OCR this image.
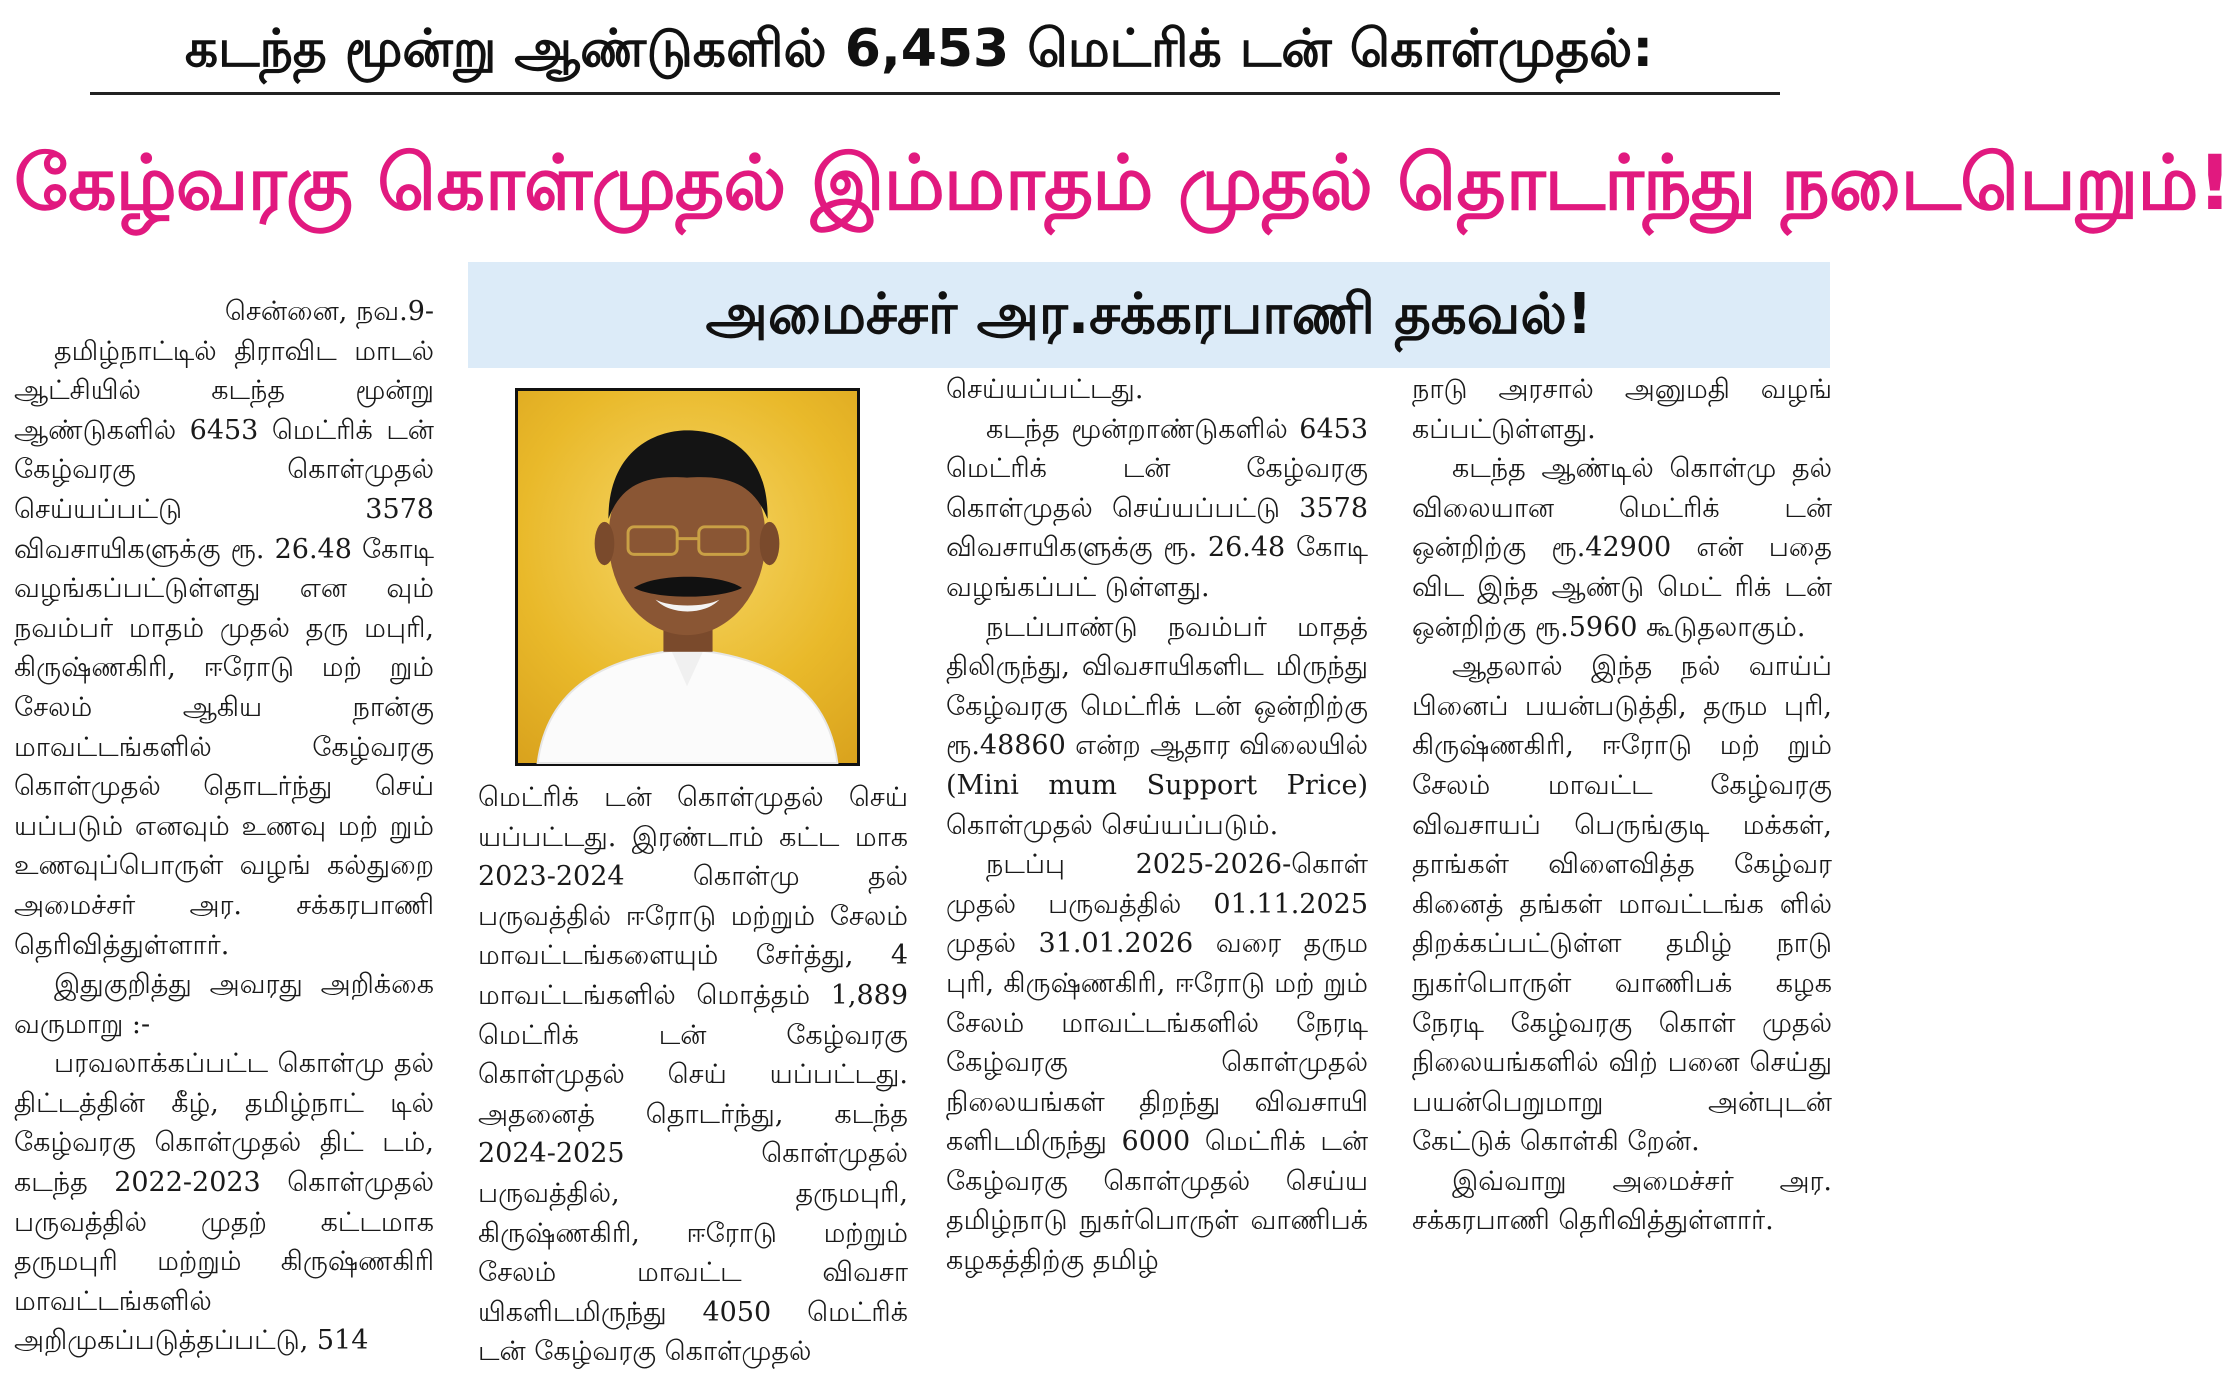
கடந்த மூன்று ஆண்டுகளில் 6,453 மெட்ரிக் டன் கொள்முதல்:
கேழ்வரகு கொள்முதல் இம்மாதம் முதல் தொடர்ந்து நடைபெறும்!
அமைச்சர் அர.சக்கரபாணி தகவல்!

சென்னை, நவ.9-

தமிழ்நாட்டில் திராவிட மாடல் ஆட்சியில் கடந்த மூன்று ஆண்டுகளில் 6453 மெட்ரிக் டன் கேழ்வரகு கொள்முதல் செய்யப்பட்டு 3578 விவசாயிகளுக்கு ரூ. 26.48 கோடி வழங்கப்பட்டுள்ளது என வும் நவம்பர் மாதம் முதல் தரு மபுரி, கிருஷ்ணகிரி, ஈரோடு மற் றும் சேலம் ஆகிய நான்கு மாவட்டங்களில் கேழ்வரகு கொள்முதல் தொடர்ந்து செய் யப்படும் எனவும் உணவு மற் றும் உணவுப்பொருள் வழங் கல்துறை அமைச்சர் அர. சக்கரபாணி தெரிவித்துள்ளார்.

இதுகுறித்து அவரது அறிக்கை வருமாறு :-

பரவலாக்கப்பட்ட கொள்மு தல் திட்டத்தின் கீழ், தமிழ்நாட் டில் கேழ்வரகு கொள்முதல் திட் டம், கடந்த 2022-2023 கொள்முதல் பருவத்தில் முதற் கட்டமாக தருமபுரி மற்றும் கிருஷ்ணகிரி மாவட்டங்களில் அறிமுகப்படுத்தப்பட்டு, 514

மெட்ரிக் டன் கொள்முதல் செய் யப்பட்டது. இரண்டாம் கட்ட மாக 2023-2024 கொள்மு தல் பருவத்தில் ஈரோடு மற்றும் சேலம் மாவட்டங்களையும் சேர்த்து, 4 மாவட்டங்களில் மொத்தம் 1,889 மெட்ரிக் டன் கேழ்வரகு கொள்முதல் செய் யப்பட்டது. அதனைத் தொடர்ந்து, கடந்த 2024-2025 கொள்முதல் பருவத்தில், தருமபுரி, கிருஷ்ணகிரி, ஈரோடு மற்றும் சேலம் மாவட்ட விவசா யிகளிடமிருந்து 4050 மெட்ரிக் டன் கேழ்வரகு கொள்முதல்

செய்யப்பட்டது.

கடந்த மூன்றாண்டுகளில் 6453 மெட்ரிக் டன் கேழ்வரகு கொள்முதல் செய்யப்பட்டு 3578 விவசாயிகளுக்கு ரூ. 26.48 கோடி வழங்கப்பட் டுள்ளது.

நடப்பாண்டு நவம்பர் மாதத் திலிருந்து, விவசாயிகளிட மிருந்து கேழ்வரகு மெட்ரிக் டன் ஒன்றிற்கு ரூ.48860 என்ற ஆதார விலையில் (Mini mum Support Price) கொள்முதல் செய்யப்படும்.

நடப்பு 2025-2026-கொள் முதல் பருவத்தில் 01.11.2025 முதல் 31.01.2026 வரை தரும புரி, கிருஷ்ணகிரி, ஈரோடு மற் றும் சேலம் மாவட்டங்களில் நேரடி கேழ்வரகு கொள்முதல் நிலையங்கள் திறந்து விவசாயி களிடமிருந்து 6000 மெட்ரிக் டன் கேழ்வரகு கொள்முதல் செய்ய தமிழ்நாடு நுகர்பொருள் வாணிபக் கழகத்திற்கு தமிழ்

நாடு அரசால் அனுமதி வழங் கப்பட்டுள்ளது.

கடந்த ஆண்டில் கொள்மு தல் விலையான மெட்ரிக் டன் ஒன்றிற்கு ரூ.42900 என் பதை விட இந்த ஆண்டு மெட் ரிக் டன் ஒன்றிற்கு ரூ.5960 கூடுதலாகும்.

ஆதலால் இந்த நல் வாய்ப் பினைப் பயன்படுத்தி, தரும புரி, கிருஷ்ணகிரி, ஈரோடு மற் றும் சேலம் மாவட்ட கேழ்வரகு விவசாயப் பெருங்குடி மக்கள், தாங்கள் விளைவித்த கேழ்வர கினைத் தங்கள் மாவட்டங்க ளில் திறக்கப்பட்டுள்ள தமிழ் நாடு நுகர்பொருள் வாணிபக் கழக நேரடி கேழ்வரகு கொள் முதல் நிலையங்களில் விற் பனை செய்து பயன்பெறுமாறு அன்புடன் கேட்டுக் கொள்கி றேன்.

இவ்வாறு அமைச்சர் அர. சக்கரபாணி தெரிவித்துள்ளார்.
